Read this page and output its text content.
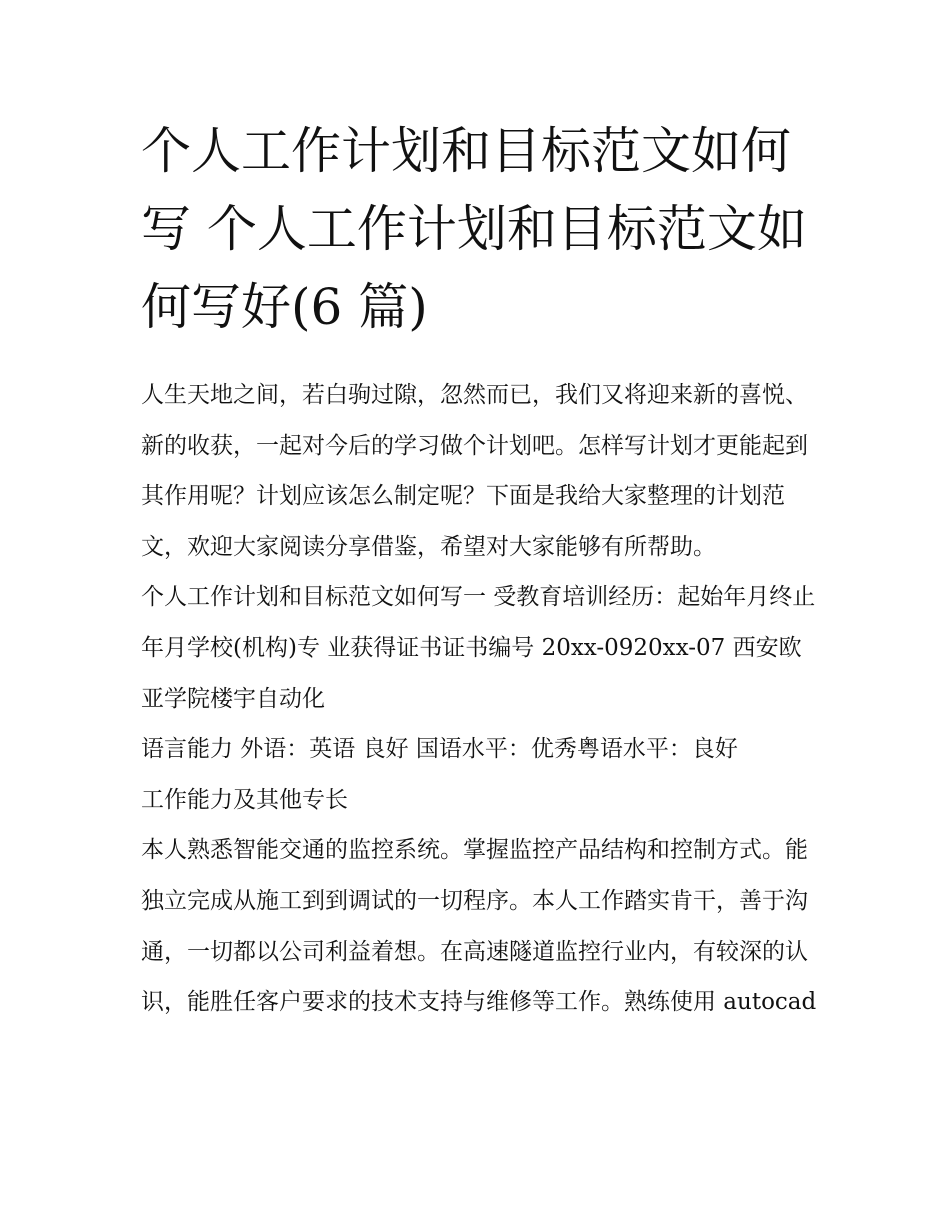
个人工作计划和目标范文如何写 个人工作计划和目标范文如何写好(6 篇)

人生天地之间，若白驹过隙，忽然而已，我们又将迎来新的喜悦、新的收获，一起对今后的学习做个计划吧。怎样写计划才更能起到其作用呢？计划应该怎么制定呢？下面是我给大家整理的计划范文，欢迎大家阅读分享借鉴，希望对大家能够有所帮助。

个人工作计划和目标范文如何写一 受教育培训经历：起始年月终止年月学校(机构)专 业获得证书证书编号 20xx-0920xx-07 西安欧亚学院楼宇自动化

语言能力 外语：英语 良好 国语水平：优秀粤语水平：良好

工作能力及其他专长

本人熟悉智能交通的监控系统。掌握监控产品结构和控制方式。能独立完成从施工到到调试的一切程序。本人工作踏实肯干，善于沟通，一切都以公司利益着想。在高速隧道监控行业内，有较深的认识，能胜任客户要求的技术支持与维修等工作。熟练使用 autocad
